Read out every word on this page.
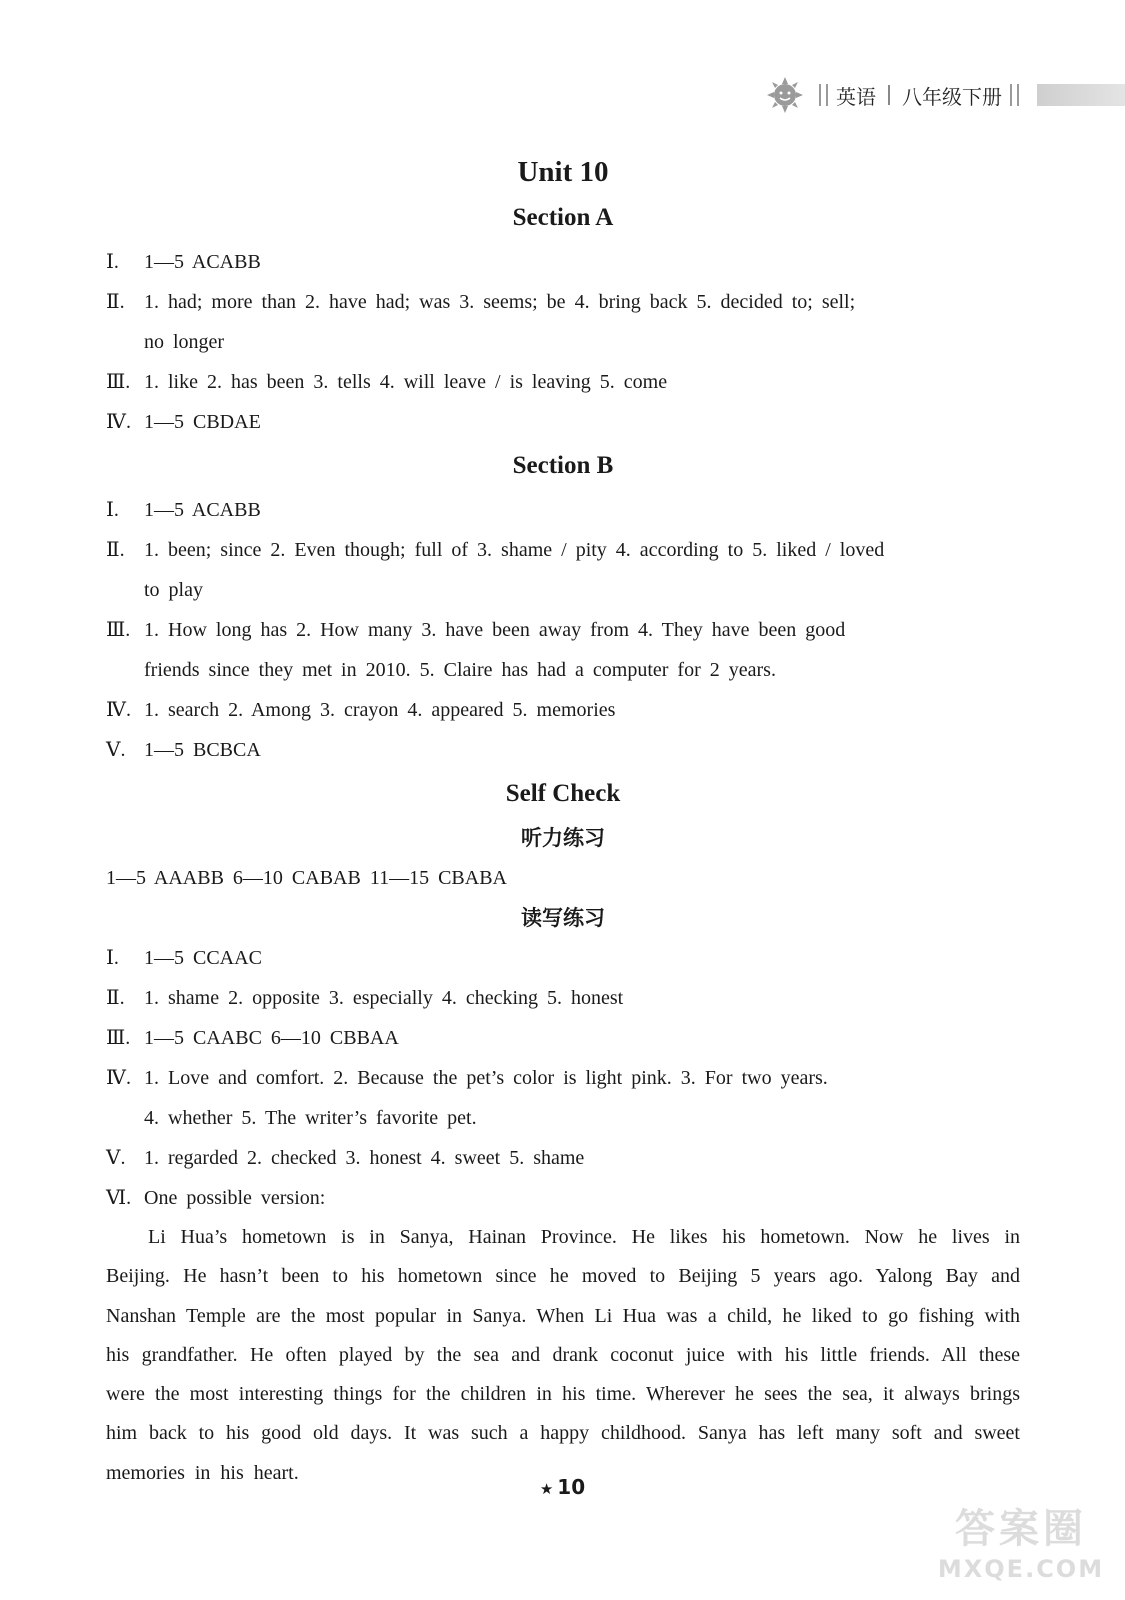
英语 八年级下册
Unit 10
Section A

Ⅰ. 1—5 ACABB

Ⅱ. 1. had; more than 2. have had; was 3. seems; be 4. bring back 5. decided to; sell;

no longer

Ⅲ. 1. like 2. has been 3. tells 4. will leave / is leaving 5. come

Ⅳ. 1—5 CBDAE

Section B

Ⅰ. 1—5 ACABB

Ⅱ. 1. been; since 2. Even though; full of 3. shame / pity 4. according to 5. liked / loved

to play

Ⅲ. 1. How long has 2. How many 3. have been away from 4. They have been good

friends since they met in 2010. 5. Claire has had a computer for 2 years.

Ⅳ. 1. search 2. Among 3. crayon 4. appeared 5. memories

Ⅴ. 1—5 BCBCA

Self Check
听力练习

1—5 AAABB 6—10 CABAB 11—15 CBABA

读写练习

Ⅰ. 1—5 CCAAC

Ⅱ. 1. shame 2. opposite 3. especially 4. checking 5. honest

Ⅲ. 1—5 CAABC 6—10 CBBAA

Ⅳ. 1. Love and comfort. 2. Because the pet’s color is light pink. 3. For two years.

4. whether 5. The writer’s favorite pet.

Ⅴ. 1. regarded 2. checked 3. honest 4. sweet 5. shame

Ⅵ. One possible version:

Li Hua’s hometown is in Sanya, Hainan Province. He likes his hometown. Now he lives in Beijing. He hasn’t been to his hometown since he moved to Beijing 5 years ago. Yalong Bay and Nanshan Temple are the most popular in Sanya. When Li Hua was a child, he liked to go fishing with his grandfather. He often played by the sea and drank coconut juice with his little friends. All these were the most interesting things for the children in his time. Wherever he sees the sea, it always brings him back to his good old days. It was such a happy childhood. Sanya has left many soft and sweet memories in his heart.

★ 10
答案圈
MXQE.COM
